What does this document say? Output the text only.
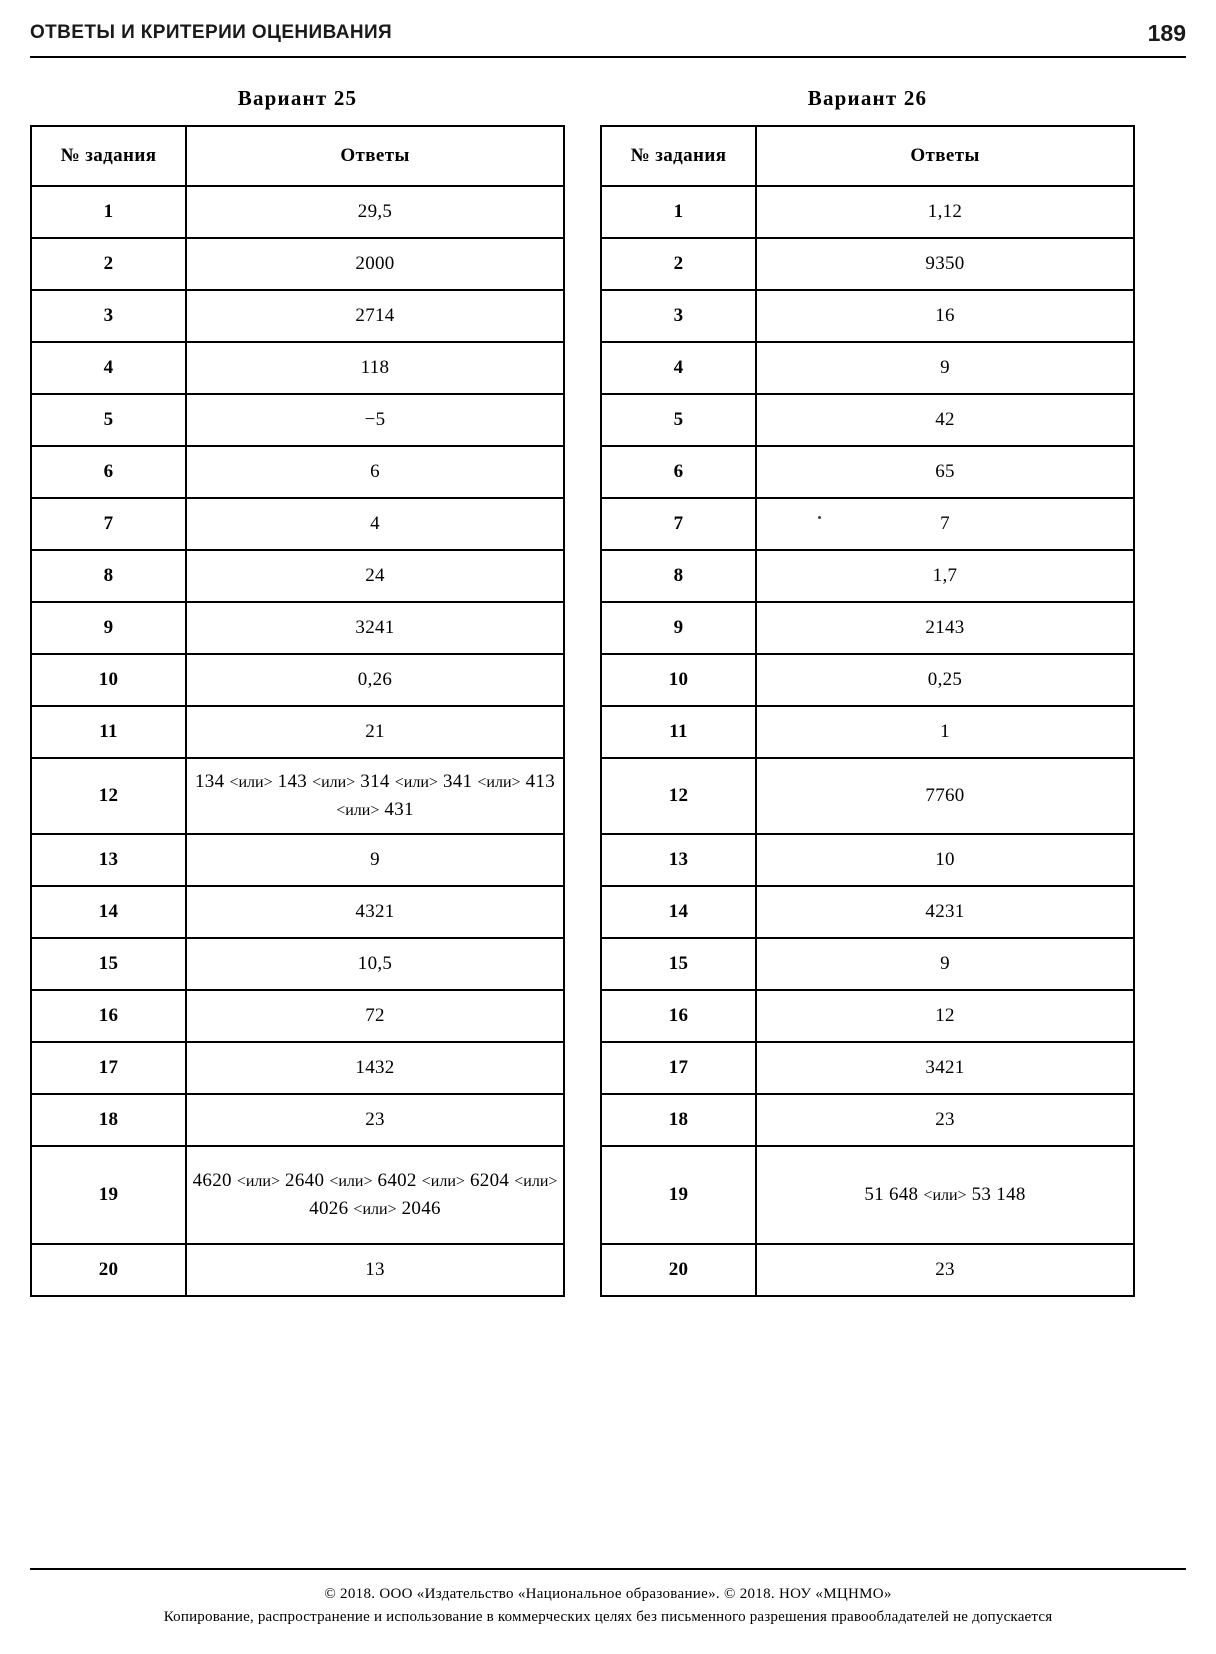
ОТВЕТЫ И КРИТЕРИИ ОЦЕНИВАНИЯ	189
Вариант 25
№ задания	Ответы
1	29,5
2	2000
3	2714
4	118
5	−5
6	6
7	4
8	24
9	3241
10	0,26
11	21
12	134 <или> 143 <или> 314 <или> 341 <или> 413 <или> 431
13	9
14	4321
15	10,5
16	72
17	1432
18	23
19	4620 <или> 2640 <или> 6402 <или> 6204 <или> 4026 <или> 2046
20	13
Вариант 26
№ задания	Ответы
1	1,12
2	9350
3	16
4	9
5	42
6	65
7	7
8	1,7
9	2143
10	0,25
11	1
12	7760
13	10
14	4231
15	9
16	12
17	3421
18	23
19	51 648 <или> 53 148
20	23
© 2018. ООО «Издательство «Национальное образование». © 2018. НОУ «МЦНМО»
Копирование, распространение и использование в коммерческих целях без письменного разрешения правообладателей не допускается
